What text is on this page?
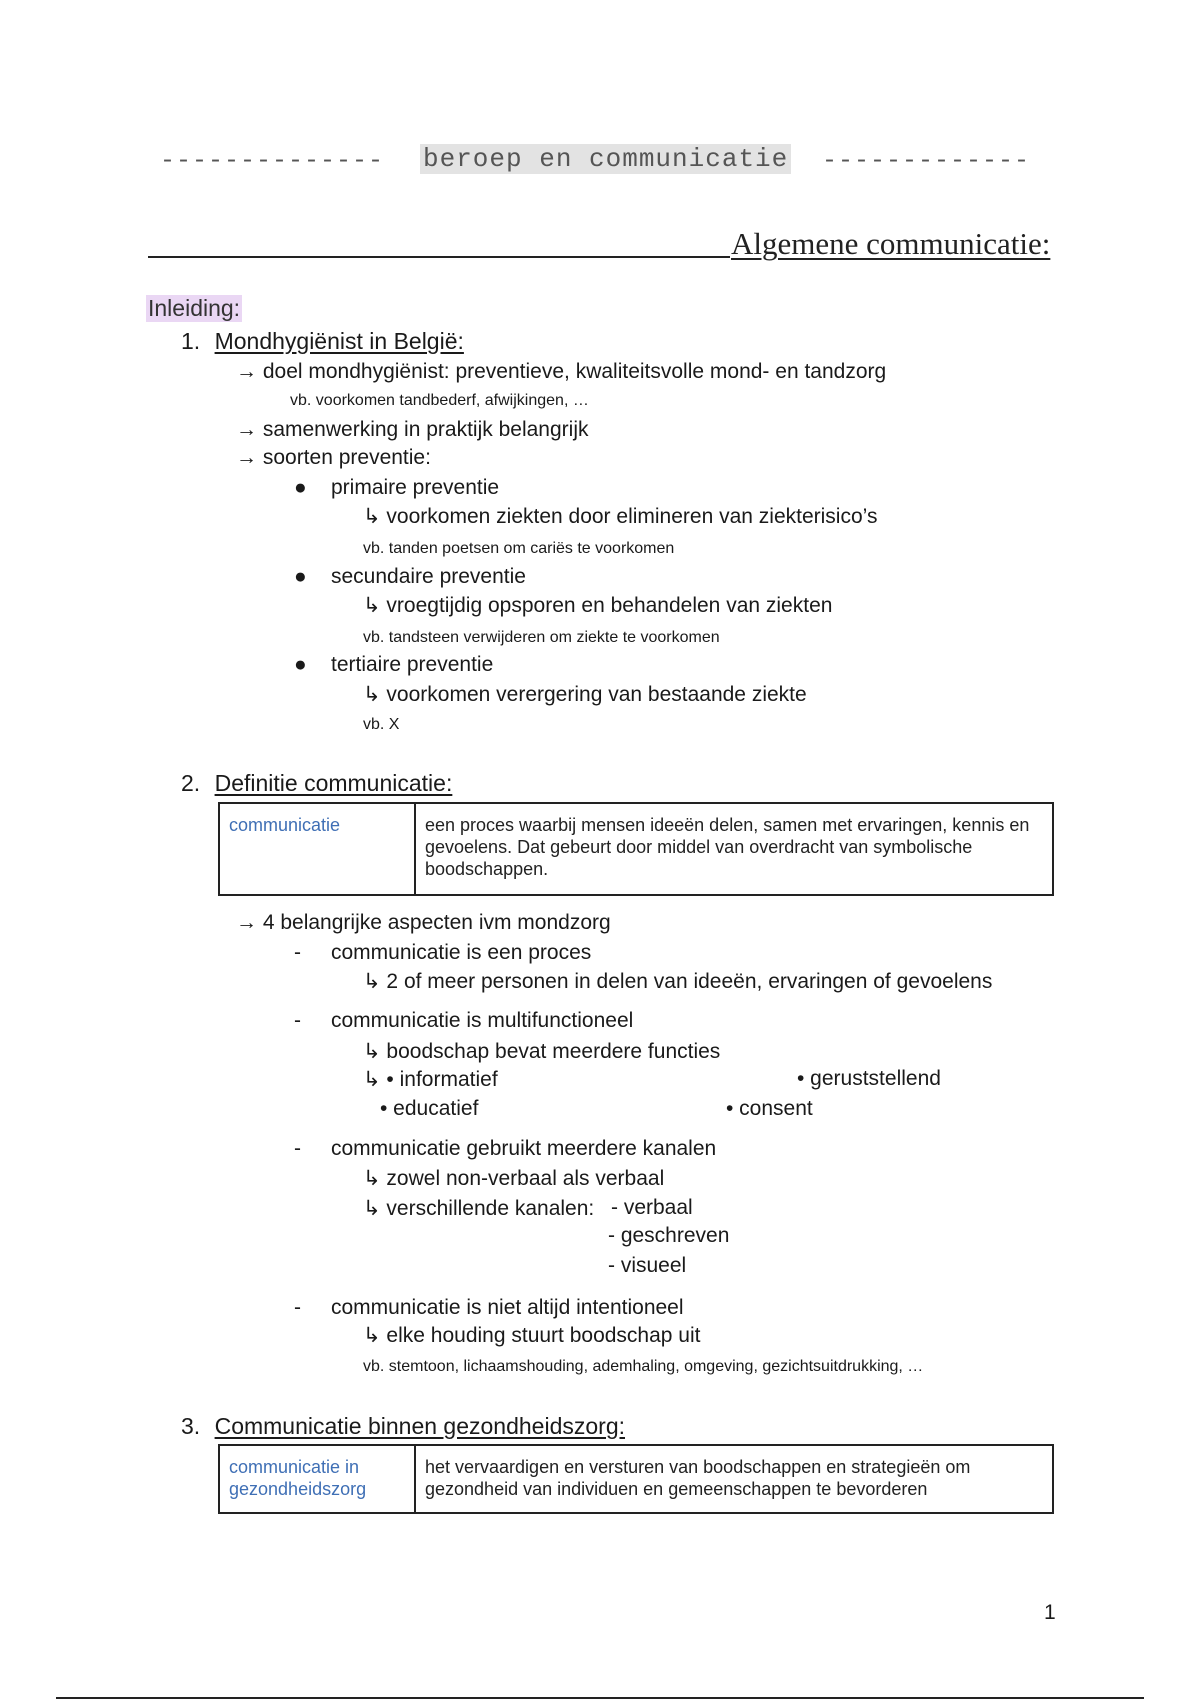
-------------- beroep en communicatie -------------
Algemene communicatie:
Inleiding:
1. Mondhygiënist in België:
→ doel mondhygiënist: preventieve, kwaliteitsvolle mond- en tandzorg
vb. voorkomen tandbederf, afwijkingen, …
→ samenwerking in praktijk belangrijk
→ soorten preventie:
● primaire preventie
↳ voorkomen ziekten door elimineren van ziekterisico’s
vb. tanden poetsen om cariës te voorkomen
● secundaire preventie
↳ vroegtijdig opsporen en behandelen van ziekten
vb. tandsteen verwijderen om ziekte te voorkomen
● tertiaire preventie
↳ voorkomen verergering van bestaande ziekte
vb. X
2. Definitie communicatie:
communicatie	een proces waarbij mensen ideeën delen, samen met ervaringen, kennis en gevoelens. Dat gebeurt door middel van overdracht van symbolische boodschappen.
→ 4 belangrijke aspecten ivm mondzorg
- communicatie is een proces
↳ 2 of meer personen in delen van ideeën, ervaringen of gevoelens
- communicatie is multifunctioneel
↳ boodschap bevat meerdere functies
↳ • informatief	• geruststellend
• educatief	• consent
- communicatie gebruikt meerdere kanalen
↳ zowel non-verbaal als verbaal
↳ verschillende kanalen: - verbaal
- geschreven
- visueel
- communicatie is niet altijd intentioneel
↳ elke houding stuurt boodschap uit
vb. stemtoon, lichaamshouding, ademhaling, omgeving, gezichtsuitdrukking, …
3. Communicatie binnen gezondheidszorg:
communicatie in gezondheidszorg	het vervaardigen en versturen van boodschappen en strategieën om gezondheid van individuen en gemeenschappen te bevorderen
1
